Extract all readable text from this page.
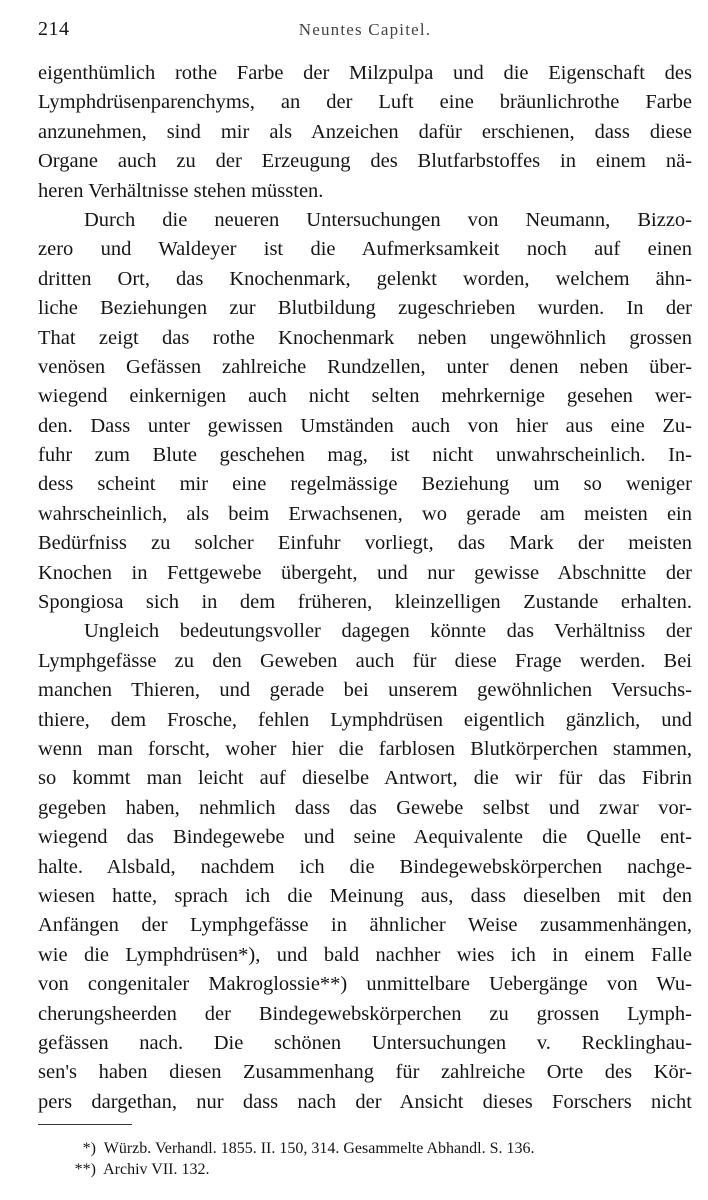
214	Neuntes Capitel.
eigenthümlich rothe Farbe der Milzpulpa und die Eigenschaft des
Lymphdrüsenparenchyms, an der Luft eine bräunlichrothe Farbe
anzunehmen, sind mir als Anzeichen dafür erschienen, dass diese
Organe auch zu der Erzeugung des Blutfarbstoffes in einem nä-
heren Verhältnisse stehen müssten.
Durch die neueren Untersuchungen von Neumann, Bizzo-
zero und Waldeyer ist die Aufmerksamkeit noch auf einen
dritten Ort, das Knochenmark, gelenkt worden, welchem ähn-
liche Beziehungen zur Blutbildung zugeschrieben wurden. In der
That zeigt das rothe Knochenmark neben ungewöhnlich grossen
venösen Gefässen zahlreiche Rundzellen, unter denen neben über-
wiegend einkernigen auch nicht selten mehrkernige gesehen wer-
den. Dass unter gewissen Umständen auch von hier aus eine Zu-
fuhr zum Blute geschehen mag, ist nicht unwahrscheinlich. In-
dess scheint mir eine regelmässige Beziehung um so weniger
wahrscheinlich, als beim Erwachsenen, wo gerade am meisten ein
Bedürfniss zu solcher Einfuhr vorliegt, das Mark der meisten
Knochen in Fettgewebe übergeht, und nur gewisse Abschnitte der
Spongiosa sich in dem früheren, kleinzelligen Zustande erhalten.
Ungleich bedeutungsvoller dagegen könnte das Verhältniss der
Lymphgefässe zu den Geweben auch für diese Frage werden. Bei
manchen Thieren, und gerade bei unserem gewöhnlichen Versuchs-
thiere, dem Frosche, fehlen Lymphdrüsen eigentlich gänzlich, und
wenn man forscht, woher hier die farblosen Blutkörperchen stammen,
so kommt man leicht auf dieselbe Antwort, die wir für das Fibrin
gegeben haben, nehmlich dass das Gewebe selbst und zwar vor-
wiegend das Bindegewebe und seine Aequivalente die Quelle ent-
halte. Alsbald, nachdem ich die Bindegewebskörperchen nachge-
wiesen hatte, sprach ich die Meinung aus, dass dieselben mit den
Anfängen der Lymphgefässe in ähnlicher Weise zusammenhängen,
wie die Lymphdrüsen*), und bald nachher wies ich in einem Falle
von congenitaler Makroglossie**) unmittelbare Uebergänge von Wu-
cherungsheerden der Bindegewebskörperchen zu grossen Lymph-
gefässen nach. Die schönen Untersuchungen v. Recklinghau-
sen's haben diesen Zusammenhang für zahlreiche Orte des Kör-
pers dargethan, nur dass nach der Ansicht dieses Forschers nicht
*) Würzb. Verhandl. 1855. II. 150, 314. Gesammelte Abhandl. S. 136.
**) Archiv VII. 132.
